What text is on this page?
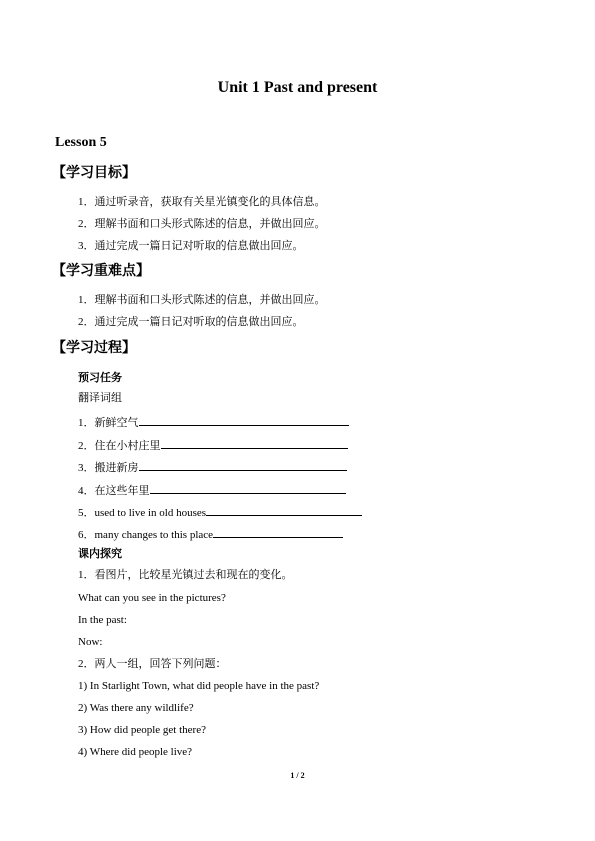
Unit 1 Past and present
Lesson 5
【学习目标】
1．通过听录音，获取有关星光镇变化的具体信息。
2．理解书面和口头形式陈述的信息，并做出回应。
3．通过完成一篇日记对听取的信息做出回应。
【学习重难点】
1．理解书面和口头形式陈述的信息，并做出回应。
2．通过完成一篇日记对听取的信息做出回应。
【学习过程】
预习任务
翻译词组
1．新鲜空气
2．住在小村庄里
3．搬进新房
4．在这些年里
5．used to live in old houses
6．many changes to this place
课内探究
1．看图片，比较星光镇过去和现在的变化。
What can you see in the pictures?
In the past:
Now:
2．两人一组，回答下列问题：
1) In Starlight Town, what did people have in the past?
2) Was there any wildlife?
3) How did people get there?
4) Where did people live?
1 / 2
